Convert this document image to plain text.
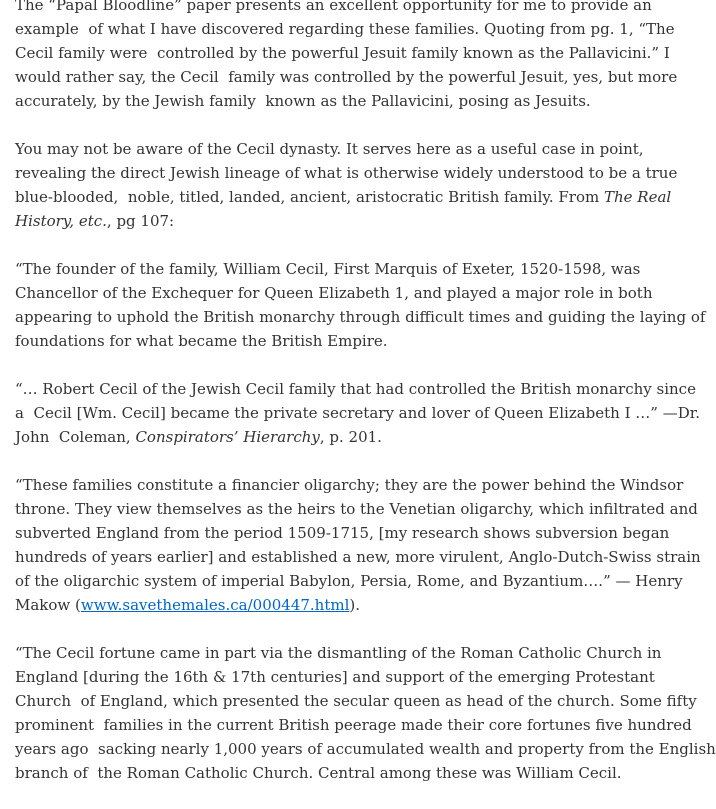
The “Papal Bloodline” paper presents an excellent opportunity for me to provide an
example  of what I have discovered regarding these families. Quoting from pg. 1, “The
Cecil family were  controlled by the powerful Jesuit family known as the Pallavicini.” I
would rather say, the Cecil  family was controlled by the powerful Jesuit, yes, but more
accurately, by the Jewish family  known as the Pallavicini, posing as Jesuits.

You may not be aware of the Cecil dynasty. It serves here as a useful case in point,
revealing the direct Jewish lineage of what is otherwise widely understood to be a true
blue-blooded,  noble, titled, landed, ancient, aristocratic British family. From The Real
History, etc., pg 107:

“The founder of the family, William Cecil, First Marquis of Exeter, 1520-1598, was
Chancellor of the Exchequer for Queen Elizabeth 1, and played a major role in both
appearing to uphold the British monarchy through difficult times and guiding the laying of
foundations for what became the British Empire.

“… Robert Cecil of the Jewish Cecil family that had controlled the British monarchy since
a  Cecil [Wm. Cecil] became the private secretary and lover of Queen Elizabeth I …” —Dr.
John  Coleman, Conspirators’ Hierarchy, p. 201.

“These families constitute a financier oligarchy; they are the power behind the Windsor
throne. They view themselves as the heirs to the Venetian oligarchy, which infiltrated and
subverted England from the period 1509-1715, [my research shows subversion began
hundreds of years earlier] and established a new, more virulent, Anglo-Dutch-Swiss strain
of the oligarchic system of imperial Babylon, Persia, Rome, and Byzantium….” — Henry
Makow (www.savethemales.ca/000447.html).

“The Cecil fortune came in part via the dismantling of the Roman Catholic Church in
England [during the 16th & 17th centuries] and support of the emerging Protestant
Church  of England, which presented the secular queen as head of the church. Some fifty
prominent  families in the current British peerage made their core fortunes five hundred
years ago  sacking nearly 1,000 years of accumulated wealth and property from the English
branch of  the Roman Catholic Church. Central among these was William Cecil.
